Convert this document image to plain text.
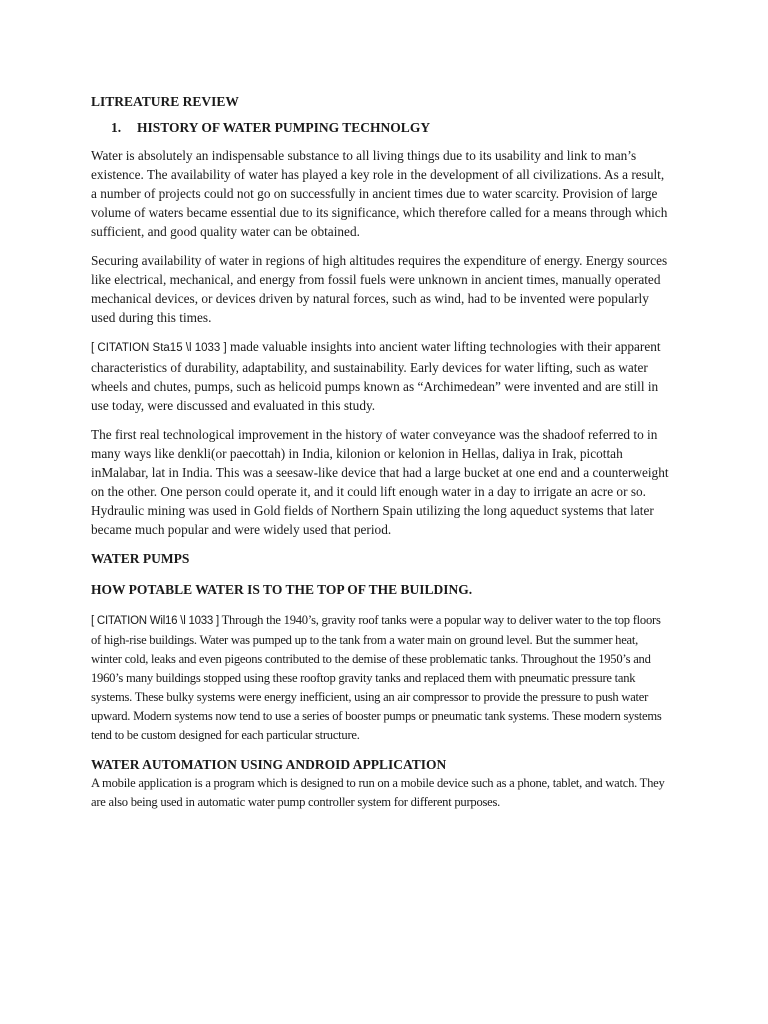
LITREATURE REVIEW

1. HISTORY OF WATER PUMPING TECHNOLGY

Water is absolutely an indispensable substance to all living things due to its usability and link to man’s existence. The availability of water has played a key role in the development of all civilizations. As a result, a number of projects could not go on successfully in ancient times due to water scarcity. Provision of large volume of waters became essential due to its significance, which therefore called for a means through which sufficient, and good quality water can be obtained.

Securing availability of water in regions of high altitudes requires the expenditure of energy. Energy sources like electrical, mechanical, and energy from fossil fuels were unknown in ancient times, manually operated mechanical devices, or devices driven by natural forces, such as wind, had to be invented were popularly used during this times.

[ CITATION Sta15 \l 1033 ] made valuable insights into ancient water lifting technologies with their apparent characteristics of durability, adaptability, and sustainability. Early devices for water lifting, such as water wheels and chutes, pumps, such as helicoid pumps known as “Archimedean” were invented and are still in use today, were discussed and evaluated in this study.

The first real technological improvement in the history of water conveyance was the shadoof referred to in many ways like denkli(or paecottah) in India, kilonion or kelonion in Hellas, daliya in Irak, picottah inMalabar, lat in India. This was a seesaw-like device that had a large bucket at one end and a counterweight on the other. One person could operate it, and it could lift enough water in a day to irrigate an acre or so. Hydraulic mining was used in Gold fields of Northern Spain utilizing the long aqueduct systems that later became much popular and were widely used that period.

WATER PUMPS

HOW POTABLE WATER IS TO THE TOP OF THE BUILDING.

[ CITATION Wil16 \l 1033 ] Through the 1940’s, gravity roof tanks were a popular way to deliver water to the top floors of high-rise buildings. Water was pumped up to the tank from a water main on ground level. But the summer heat, winter cold, leaks and even pigeons contributed to the demise of these problematic tanks. Throughout the 1950’s and 1960’s many buildings stopped using these rooftop gravity tanks and replaced them with pneumatic pressure tank systems. These bulky systems were energy inefficient, using an air compressor to provide the pressure to push water upward. Modern systems now tend to use a series of booster pumps or pneumatic tank systems. These modern systems tend to be custom designed for each particular structure.

WATER AUTOMATION USING ANDROID APPLICATION

A mobile application is a program which is designed to run on a mobile device such as a phone, tablet, and watch. They are also being used in automatic water pump controller system for different purposes.
